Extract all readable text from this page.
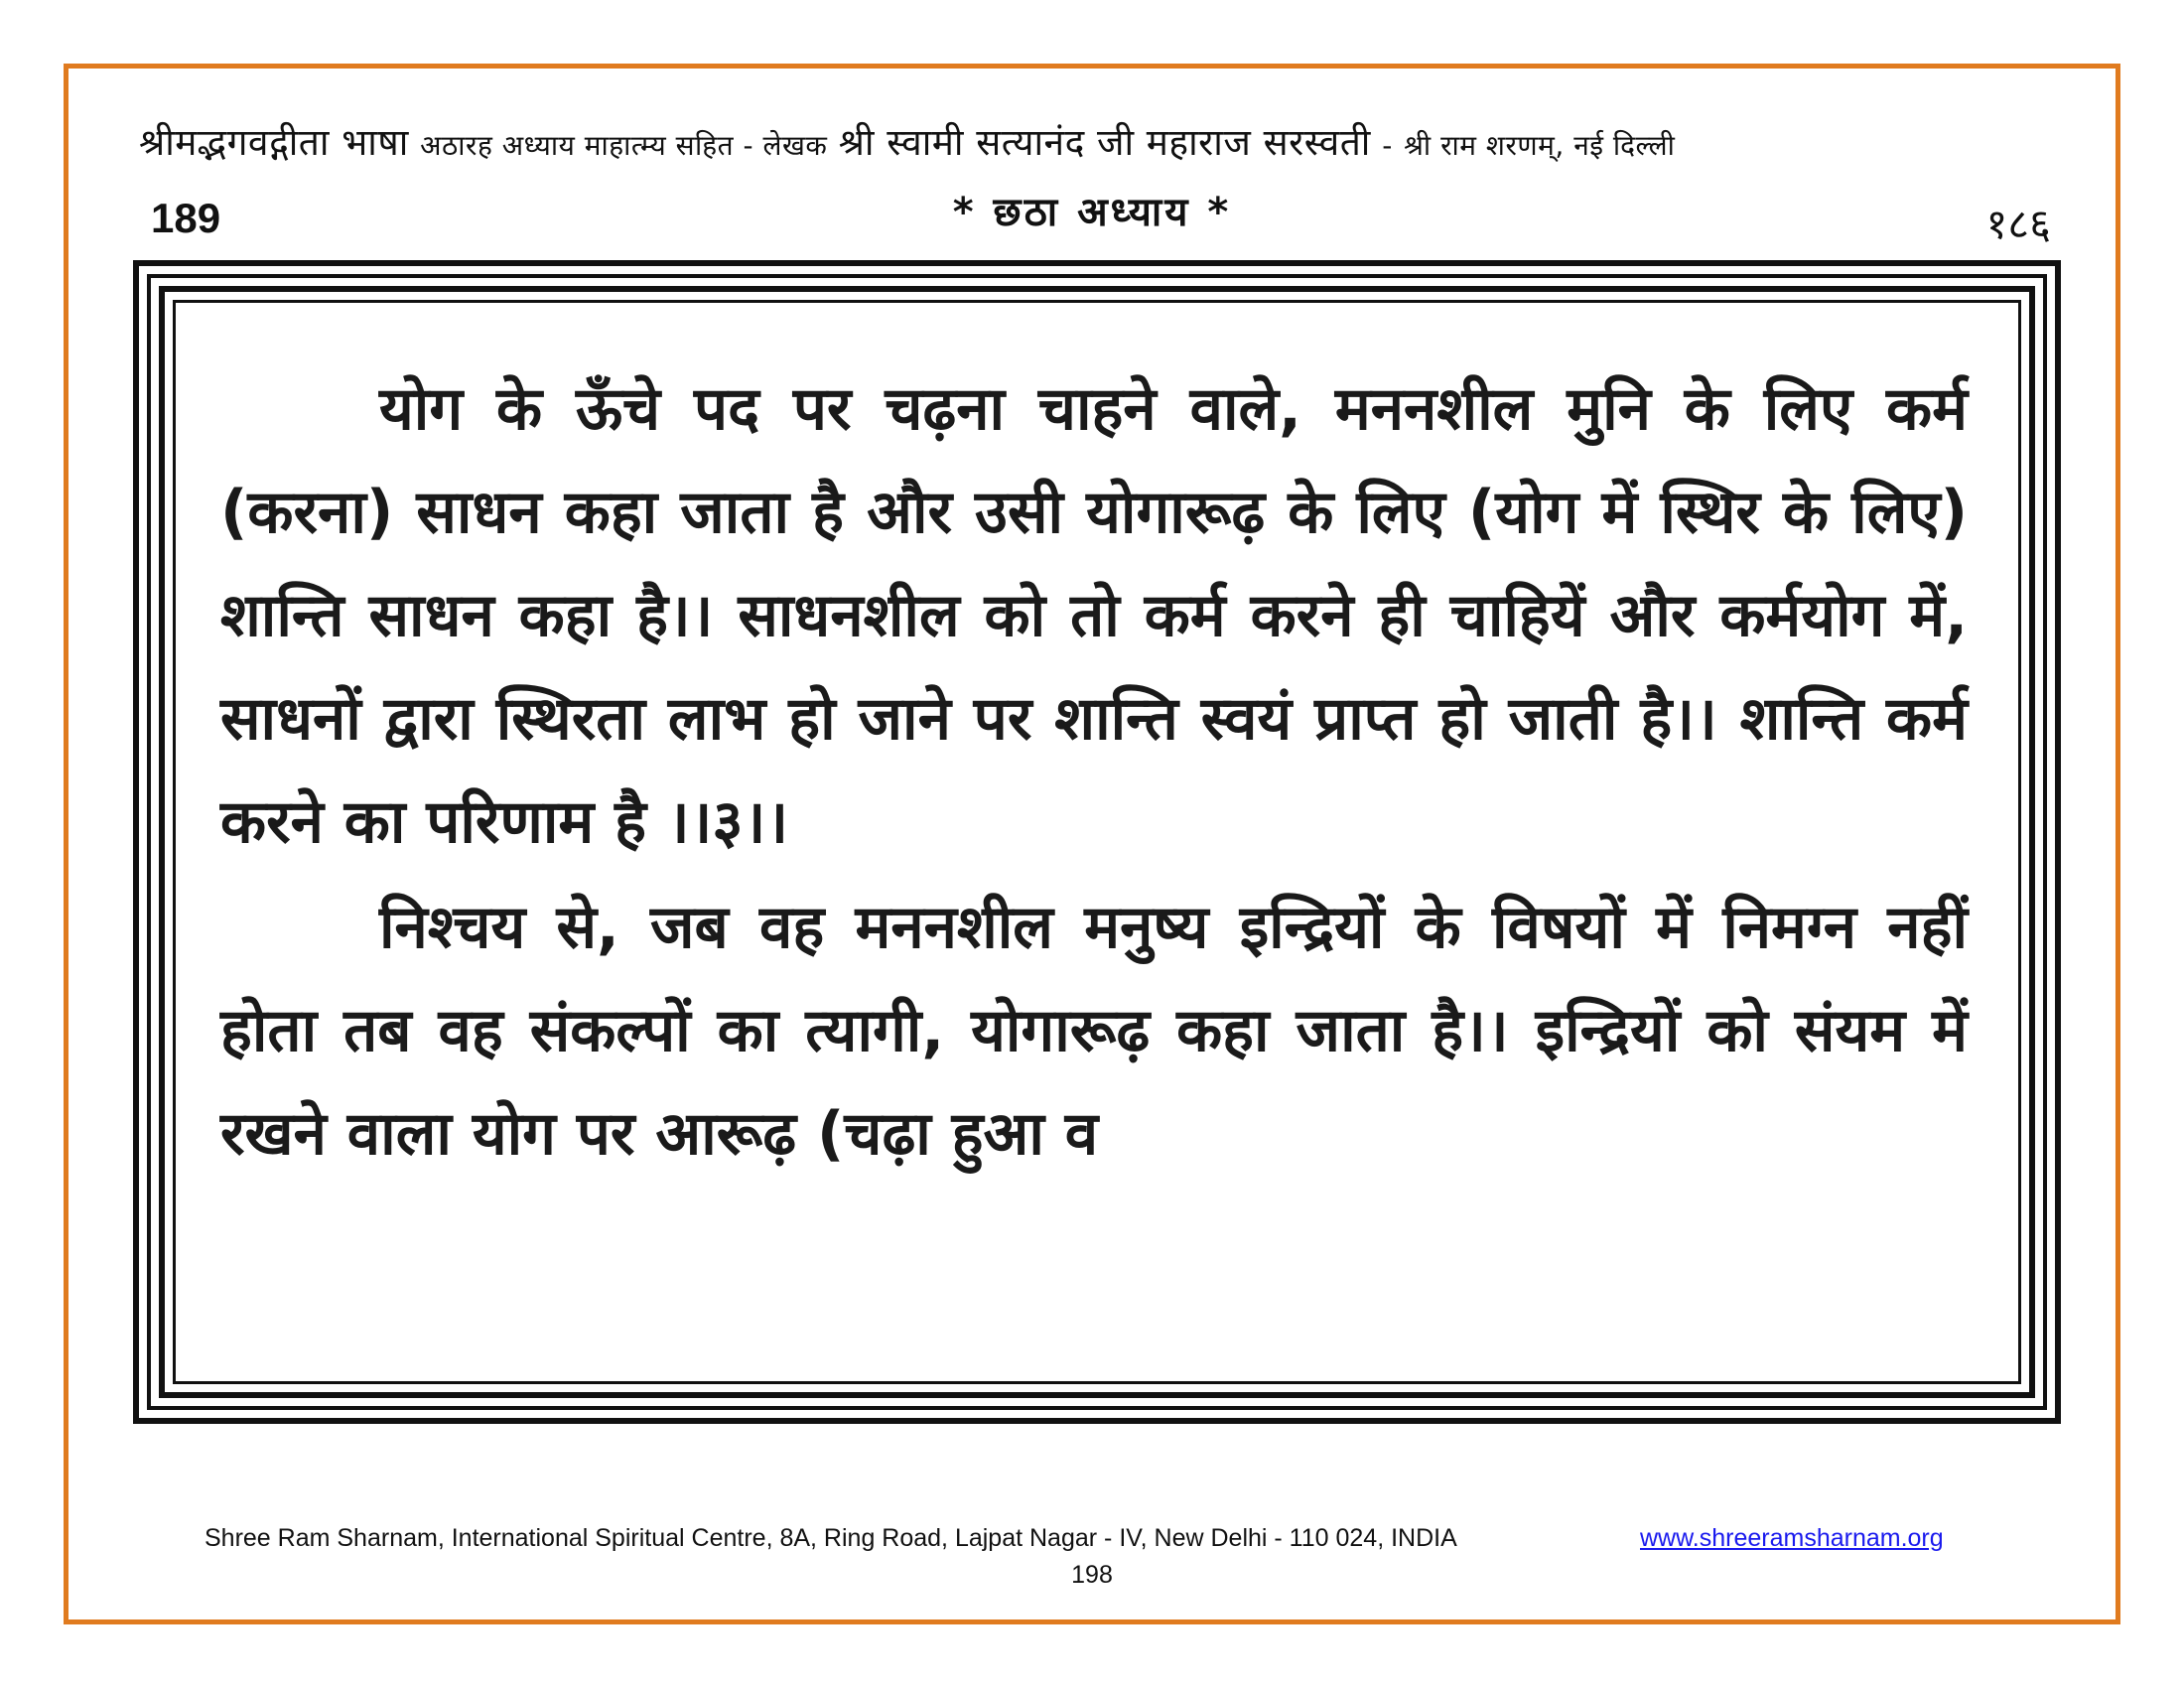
श्रीमद्भगवद्गीता भाषा अठारह अध्याय माहात्म्य सहित - लेखक श्री स्वामी सत्यानंद जी महाराज सरस्वती - श्री राम शरणम्, नई दिल्ली
189	* छठा अध्याय *	१८६

योग के ऊँचे पद पर चढ़ना चाहने वाले, मननशील मुनि के लिए कर्म (करना) साधन कहा जाता है और उसी योगारूढ़ के लिए (योग में स्थिर के लिए) शान्ति साधन कहा है।। साधनशील को तो कर्म करने ही चाहियें और कर्मयोग में, साधनों द्वारा स्थिरता लाभ हो जाने पर शान्ति स्वयं प्राप्त हो जाती है।। शान्ति कर्म करने का परिणाम है ।।३।।

निश्चय से, जब वह मननशील मनुष्य इन्द्रियों के विषयों में निमग्न नहीं होता तब वह संकल्पों का त्यागी, योगारूढ़ कहा जाता है।। इन्द्रियों को संयम में रखने वाला योग पर आरूढ़ (चढ़ा हुआ व

Shree Ram Sharnam, International Spiritual Centre, 8A, Ring Road, Lajpat Nagar - IV, New Delhi - 110 024, INDIA	www.shreeramsharnam.org
198
